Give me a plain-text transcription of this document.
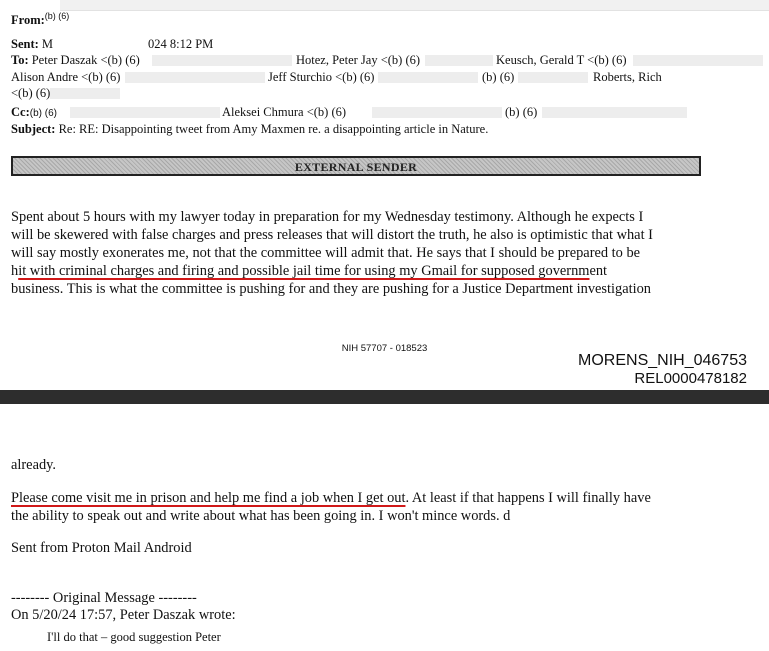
From:$^{(b) (6)}$
Sent: M	024 8:12 PM
To: Peter Daszak <(b) (6)	Hotez, Peter Jay <(b) (6)	Keusch, Gerald T <(b) (6)
Alison Andre <(b) (6)	Jeff Sturchio <(b) (6)	(b) (6)	Roberts, Rich
<(b) (6)
Cc:(b) (6)	Aleksei Chmura <(b) (6)	(b) (6)
Subject: Re: RE: Disappointing tweet from Amy Maxmen re. a disappointing article in Nature.
EXTERNAL SENDER
Spent about 5 hours with my lawyer today in preparation for my Wednesday testimony. Although he expects I
will be skewered with false charges and press releases that will distort the truth, he also is optimistic that what I
will say mostly exonerates me, not that the committee will admit that. He says that I should be prepared to be
hit with criminal charges and firing and possible jail time for using my Gmail for supposed government
business. This is what the committee is pushing for and they are pushing for a Justice Department investigation
NIH 57707 - 018523
MORENS_NIH_046753
REL0000478182
already.
Please come visit me in prison and help me find a job when I get out. At least if that happens I will finally have
the ability to speak out and write about what has been going in. I won't mince words. d
Sent from Proton Mail Android
-------- Original Message --------
On 5/20/24 17:57, Peter Daszak wrote:
I'll do that – good suggestion Peter
